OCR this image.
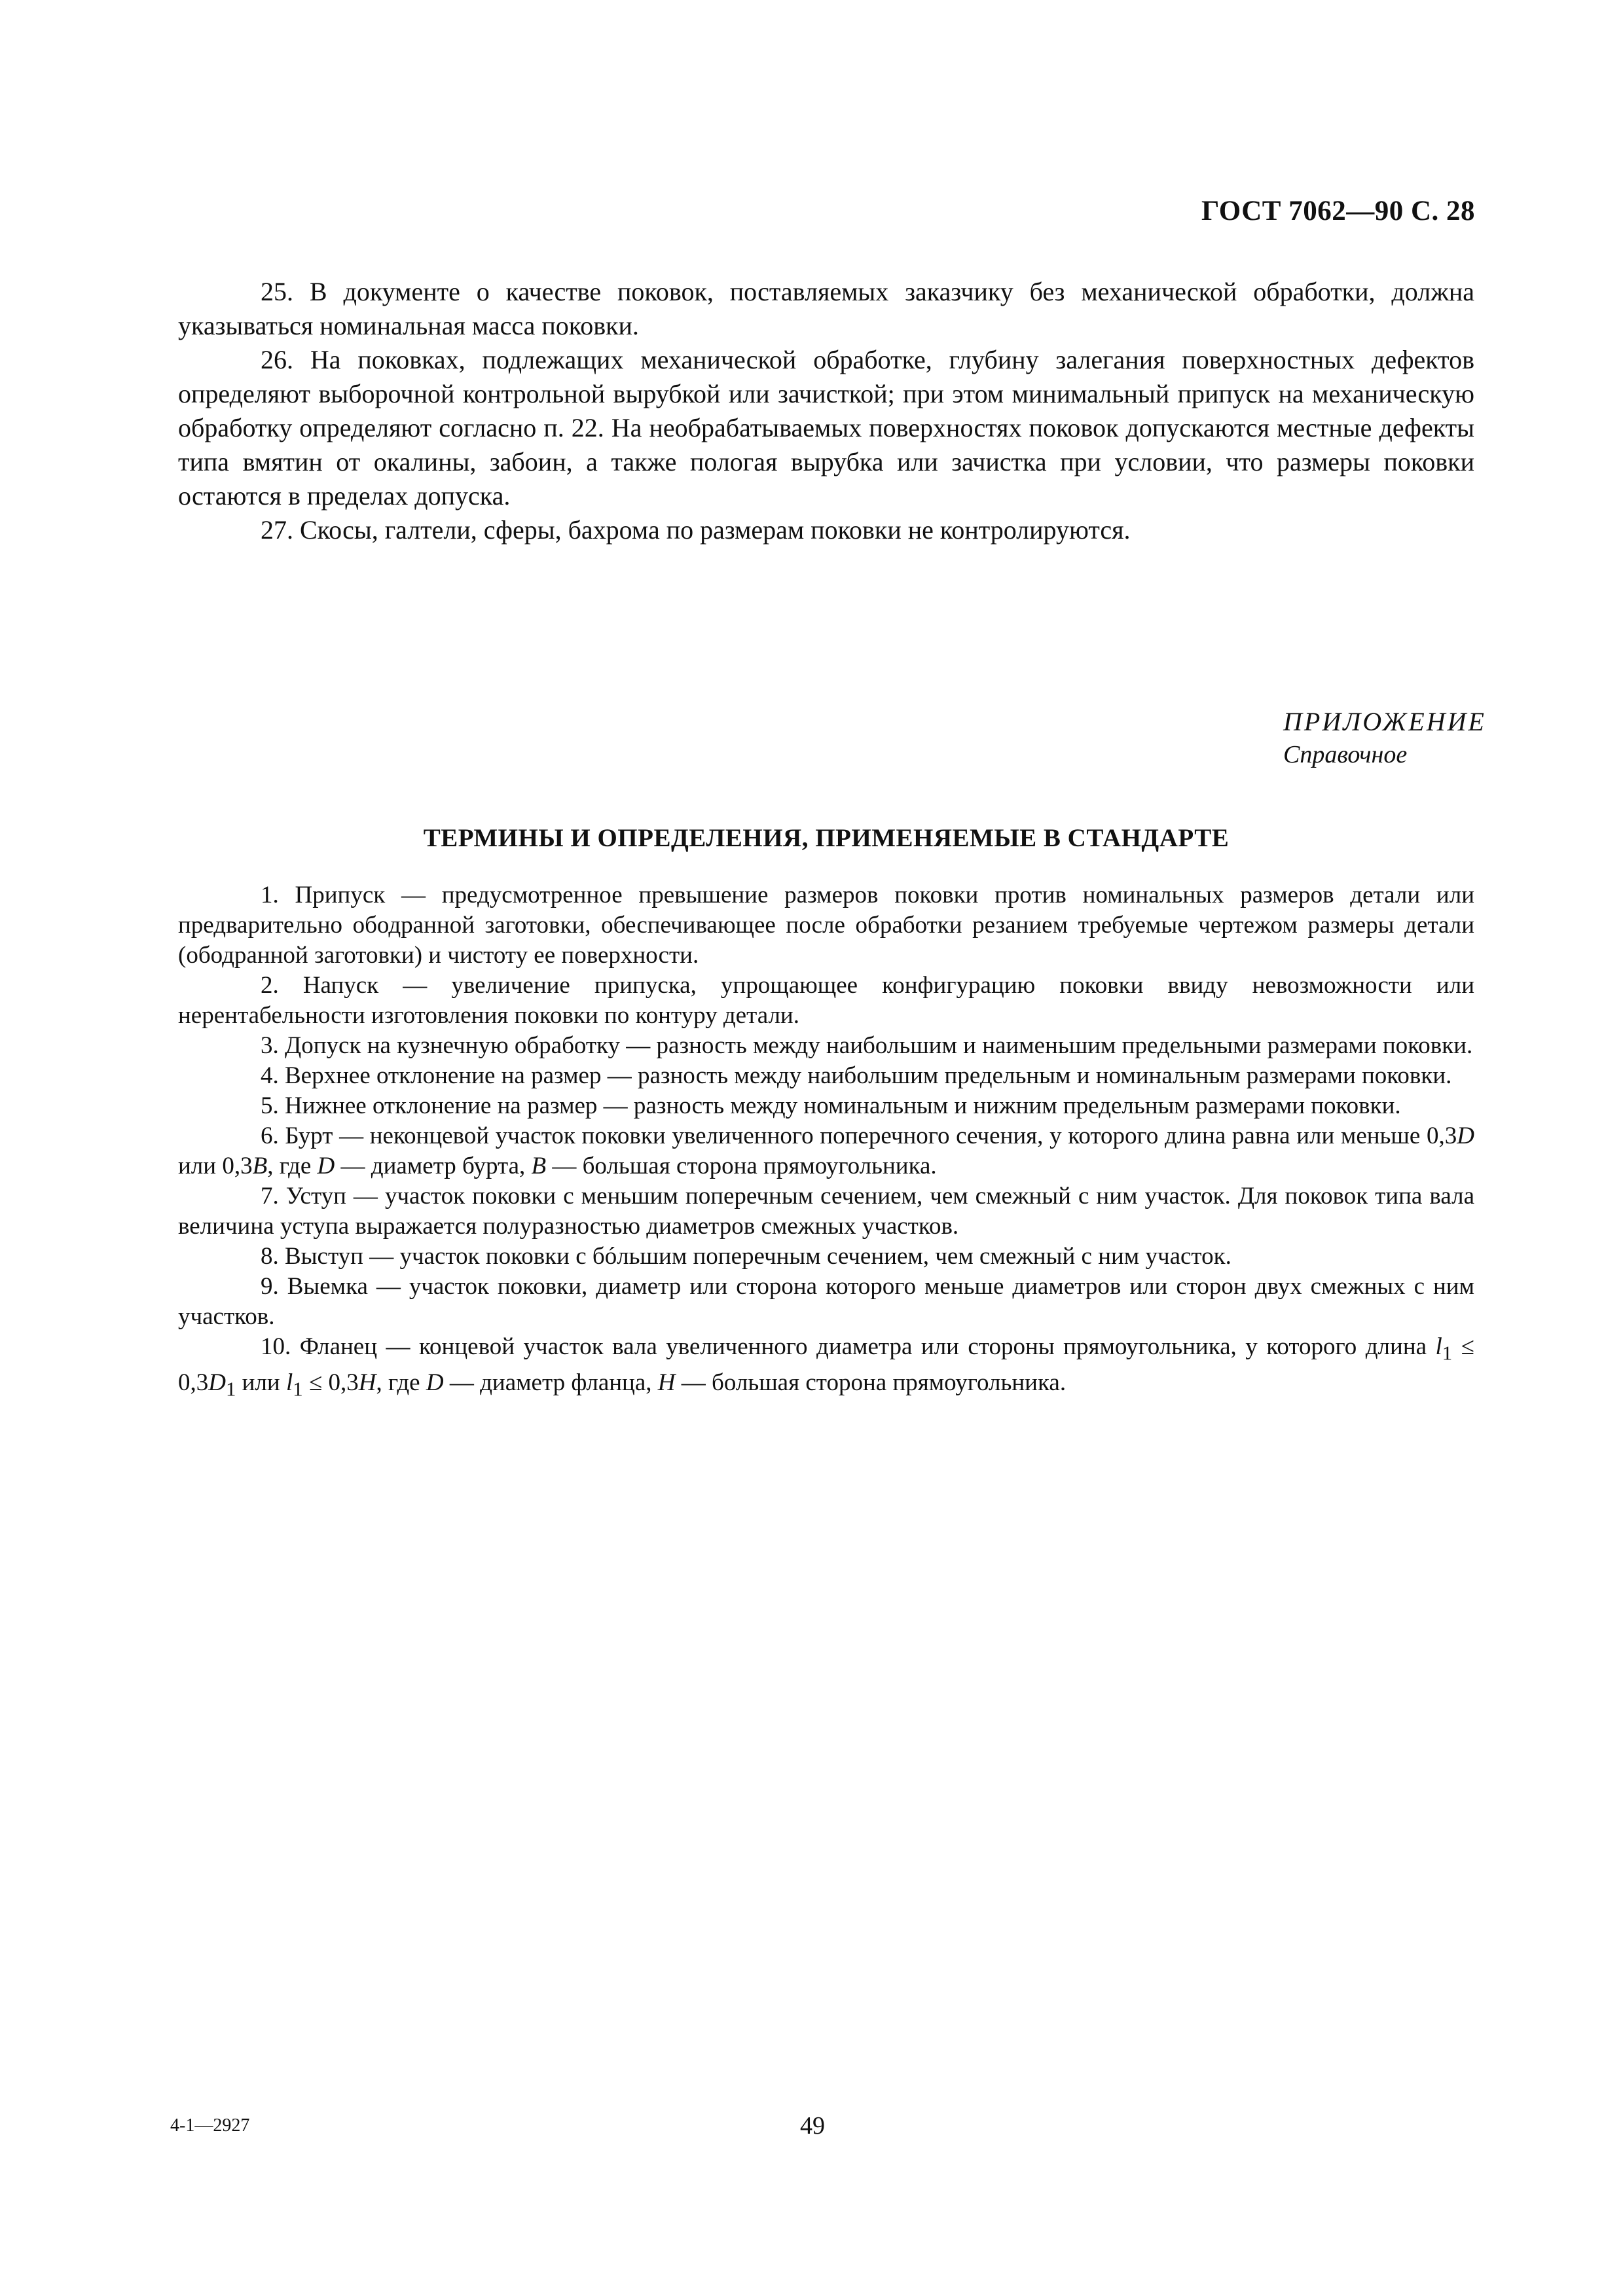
ГОСТ 7062—90 С. 28

25. В документе о качестве поковок, поставляемых заказчику без механической обработки, должна указываться номинальная масса поковки.

26. На поковках, подлежащих механической обработке, глубину залегания поверхностных дефектов определяют выборочной контрольной вырубкой или зачисткой; при этом минимальный припуск на механическую обработку определяют согласно п. 22. На необрабатываемых поверхностях поковок допускаются местные дефекты типа вмятин от окалины, забоин, а также пологая вырубка или зачистка при условии, что размеры поковки остаются в пределах допуска.

27. Скосы, галтели, сферы, бахрома по размерам поковки не контролируются.

ПРИЛОЖЕНИЕ
Справочное
ТЕРМИНЫ И ОПРЕДЕЛЕНИЯ, ПРИМЕНЯЕМЫЕ В СТАНДАРТЕ

1. Припуск — предусмотренное превышение размеров поковки против номинальных размеров детали или предварительно ободранной заготовки, обеспечивающее после обработки резанием требуемые чертежом размеры детали (ободранной заготовки) и чистоту ее поверхности.

2. Напуск — увеличение припуска, упрощающее конфигурацию поковки ввиду невозможности или нерентабельности изготовления поковки по контуру детали.

3. Допуск на кузнечную обработку — разность между наибольшим и наименьшим предельными размерами поковки.

4. Верхнее отклонение на размер — разность между наибольшим предельным и номинальным размерами поковки.

5. Нижнее отклонение на размер — разность между номинальным и нижним предельным размерами поковки.

6. Бурт — неконцевой участок поковки увеличенного поперечного сечения, у которого длина равна или меньше 0,3D или 0,3B, где D — диаметр бурта, B — большая сторона прямоугольника.

7. Уступ — участок поковки с меньшим поперечным сечением, чем смежный с ним участок. Для поковок типа вала величина уступа выражается полуразностью диаметров смежных участков.

8. Выступ — участок поковки с бóльшим поперечным сечением, чем смежный с ним участок.

9. Выемка — участок поковки, диаметр или сторона которого меньше диаметров или сторон двух смежных с ним участков.

10. Фланец — концевой участок вала увеличенного диаметра или стороны прямоугольника, у которого длина $l_1 \le 0,3D_1$ или $l_1 \le 0,3H$, где D — диаметр фланца, H — большая сторона прямоугольника.

4-1—2927	49
